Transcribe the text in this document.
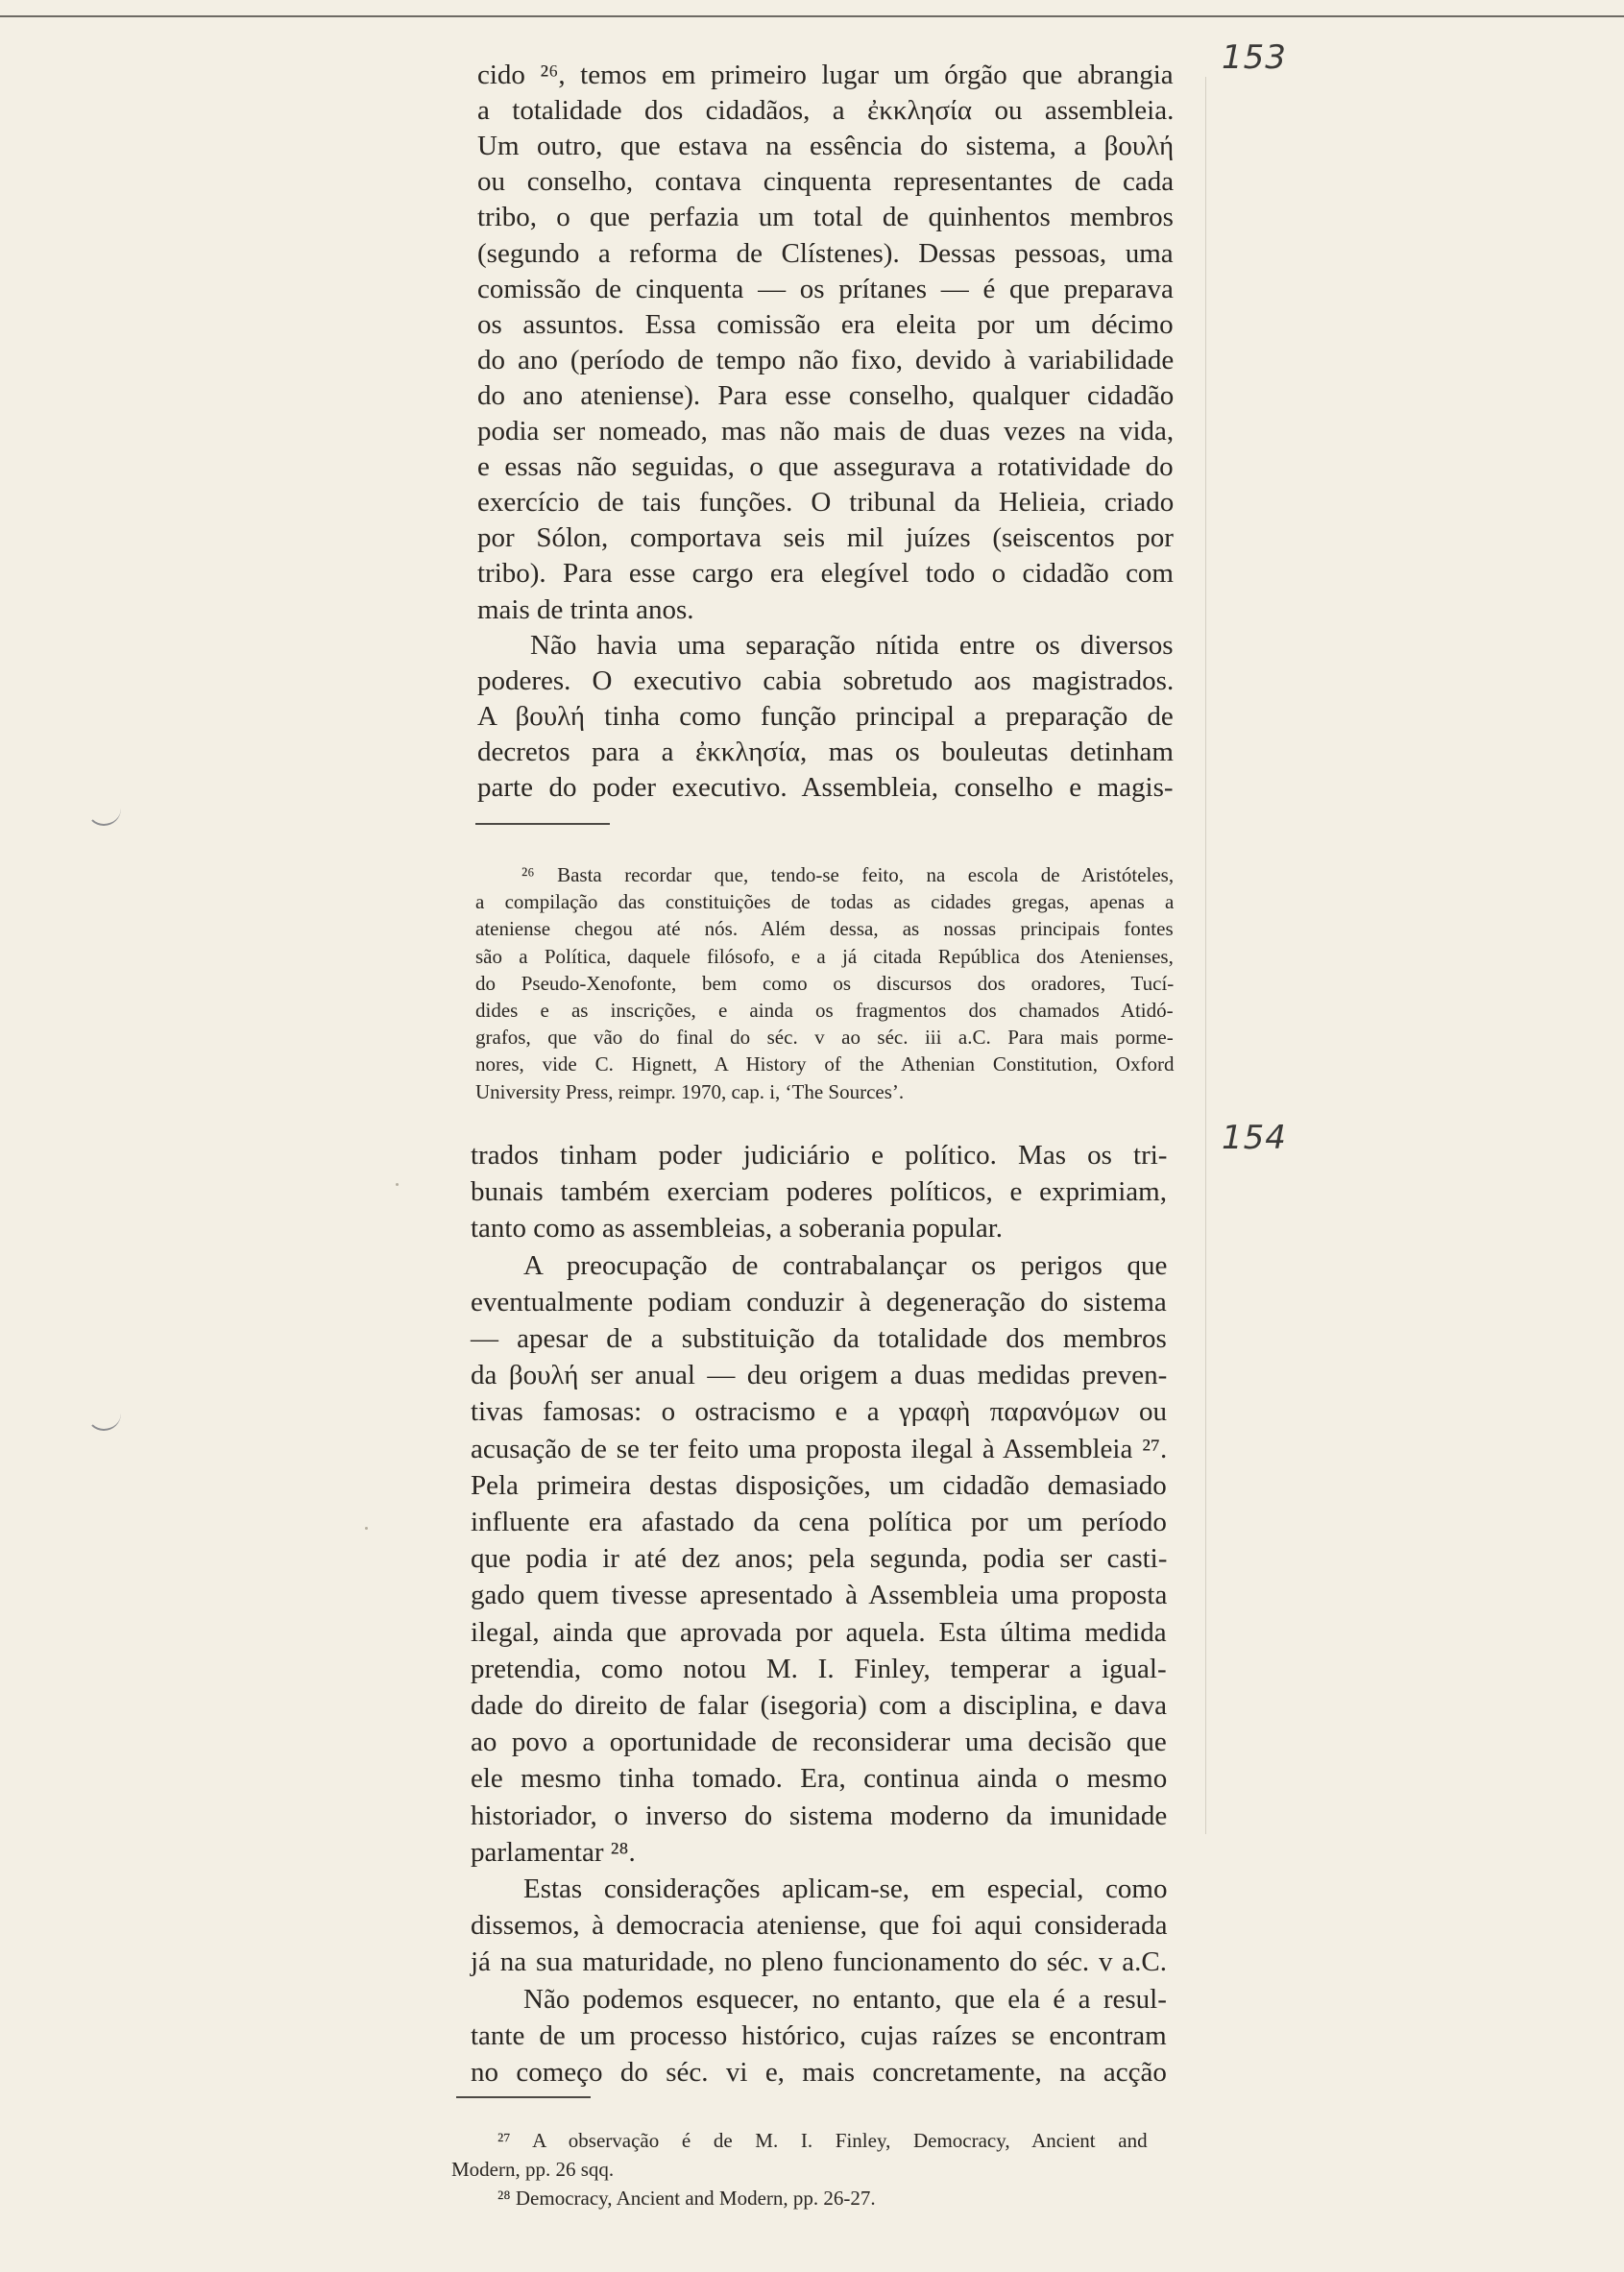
153
154
cido ²⁶, temos em primeiro lugar um órgão que abrangia
a totalidade dos cidadãos, a ἐκκλησία ou assembleia.
Um outro, que estava na essência do sistema, a βουλή
ou conselho, contava cinquenta representantes de cada
tribo, o que perfazia um total de quinhentos membros
(segundo a reforma de Clístenes). Dessas pessoas, uma
comissão de cinquenta — os prítanes — é que preparava
os assuntos. Essa comissão era eleita por um décimo
do ano (período de tempo não fixo, devido à variabilidade
do ano ateniense). Para esse conselho, qualquer cidadão
podia ser nomeado, mas não mais de duas vezes na vida,
e essas não seguidas, o que assegurava a rotatividade do
exercício de tais funções. O tribunal da Helieia, criado
por Sólon, comportava seis mil juízes (seiscentos por
tribo). Para esse cargo era elegível todo o cidadão com
mais de trinta anos.
Não havia uma separação nítida entre os diversos
poderes. O executivo cabia sobretudo aos magistrados.
A βουλή tinha como função principal a preparação de
decretos para a ἐκκλησία, mas os bouleutas detinham
parte do poder executivo. Assembleia, conselho e magis-
²⁶ Basta recordar que, tendo-se feito, na escola de Aristóteles,
a compilação das constituições de todas as cidades gregas, apenas a
ateniense chegou até nós. Além dessa, as nossas principais fontes
são a Política, daquele filósofo, e a já citada República dos Atenienses,
do Pseudo-Xenofonte, bem como os discursos dos oradores, Tucí-
dides e as inscrições, e ainda os fragmentos dos chamados Atidó-
grafos, que vão do final do séc. v ao séc. iii a.C. Para mais porme-
nores, vide C. Hignett, A History of the Athenian Constitution, Oxford
University Press, reimpr. 1970, cap. i, ‘The Sources’.
trados tinham poder judiciário e político. Mas os tri-
bunais também exerciam poderes políticos, e exprimiam,
tanto como as assembleias, a soberania popular.
A preocupação de contrabalançar os perigos que
eventualmente podiam conduzir à degeneração do sistema
— apesar de a substituição da totalidade dos membros
da βουλή ser anual — deu origem a duas medidas preven-
tivas famosas: o ostracismo e a γραφὴ παρανόμων ou
acusação de se ter feito uma proposta ilegal à Assembleia ²⁷.
Pela primeira destas disposições, um cidadão demasiado
influente era afastado da cena política por um período
que podia ir até dez anos; pela segunda, podia ser casti-
gado quem tivesse apresentado à Assembleia uma proposta
ilegal, ainda que aprovada por aquela. Esta última medida
pretendia, como notou M. I. Finley, temperar a igual-
dade do direito de falar (isegoria) com a disciplina, e dava
ao povo a oportunidade de reconsiderar uma decisão que
ele mesmo tinha tomado. Era, continua ainda o mesmo
historiador, o inverso do sistema moderno da imunidade
parlamentar ²⁸.
Estas considerações aplicam-se, em especial, como
dissemos, à democracia ateniense, que foi aqui considerada
já na sua maturidade, no pleno funcionamento do séc. v a.C.
Não podemos esquecer, no entanto, que ela é a resul-
tante de um processo histórico, cujas raízes se encontram
no começo do séc. vi e, mais concretamente, na acção
²⁷ A observação é de M. I. Finley, Democracy, Ancient and
Modern, pp. 26 sqq.
²⁸ Democracy, Ancient and Modern, pp. 26-27.
